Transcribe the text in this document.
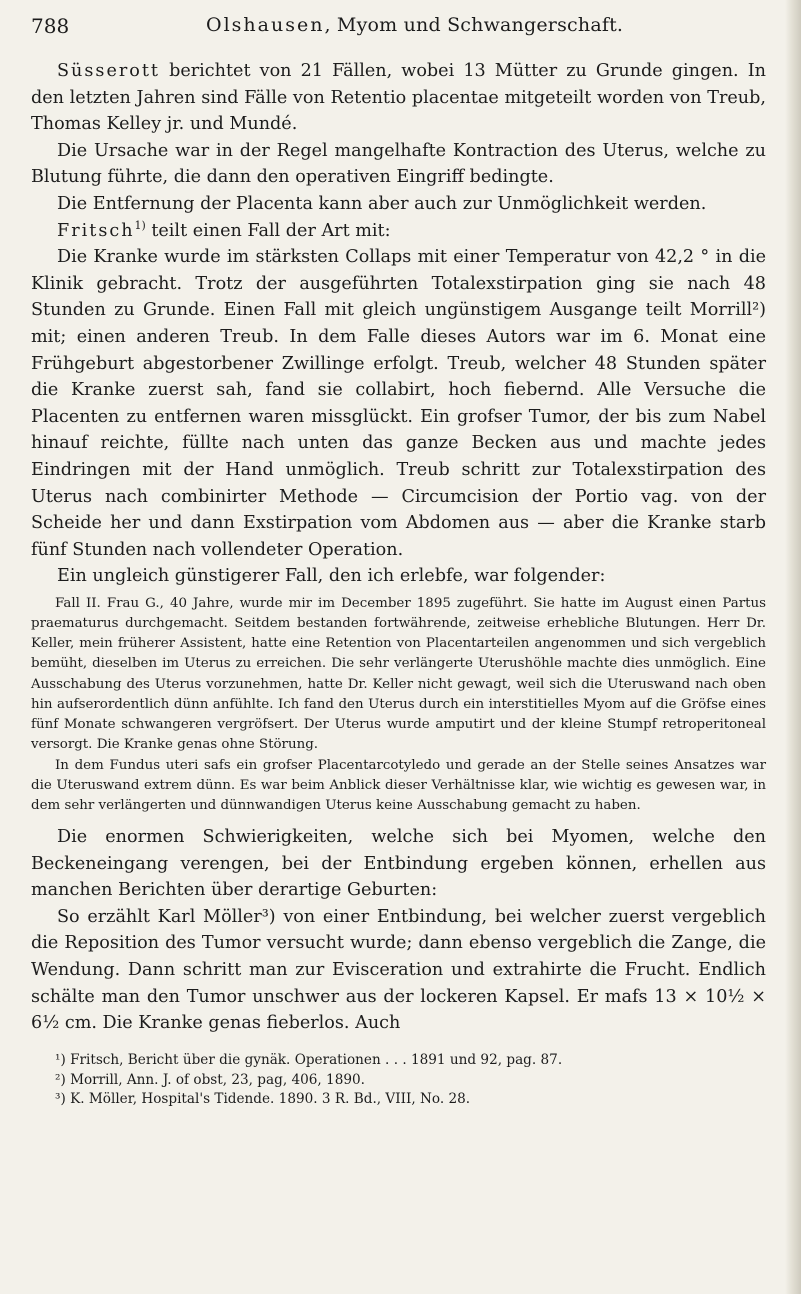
788	Olshausen, Myom und Schwangerschaft.

Süsserott berichtet von 21 Fällen, wobei 13 Mütter zu Grunde gingen. In den letzten Jahren sind Fälle von Retentio placentae mitgeteilt worden von Treub, Thomas Kelley jr. und Mundé.

Die Ursache war in der Regel mangelhafte Kontraction des Uterus, welche zu Blutung führte, die dann den operativen Eingriff bedingte.

Die Entfernung der Placenta kann aber auch zur Unmöglichkeit werden.

Fritsch$^{1)}$ teilt einen Fall der Art mit:

Die Kranke wurde im stärksten Collaps mit einer Temperatur von 42,2 ° in die Klinik gebracht. Trotz der ausgeführten Totalexstirpation ging sie nach 48 Stunden zu Grunde. Einen Fall mit gleich ungünstigem Ausgange teilt Morrill²) mit; einen anderen Treub. In dem Falle dieses Autors war im 6. Monat eine Frühgeburt abgestorbener Zwillinge erfolgt. Treub, welcher 48 Stunden später die Kranke zuerst sah, fand sie collabirt, hoch fiebernd. Alle Versuche die Placenten zu entfernen waren missglückt. Ein grofser Tumor, der bis zum Nabel hinauf reichte, füllte nach unten das ganze Becken aus und machte jedes Eindringen mit der Hand unmöglich. Treub schritt zur Totalexstirpation des Uterus nach combinirter Methode — Circumcision der Portio vag. von der Scheide her und dann Exstirpation vom Abdomen aus — aber die Kranke starb fünf Stunden nach vollendeter Operation.

Ein ungleich günstigerer Fall, den ich erlebfe, war folgender:

Fall II. Frau G., 40 Jahre, wurde mir im December 1895 zugeführt. Sie hatte im August einen Partus praematurus durchgemacht. Seitdem bestanden fortwährende, zeitweise erhebliche Blutungen. Herr Dr. Keller, mein früherer Assistent, hatte eine Retention von Placentarteilen angenommen und sich vergeblich bemüht, dieselben im Uterus zu erreichen. Die sehr verlängerte Uterushöhle machte dies unmöglich. Eine Ausschabung des Uterus vorzunehmen, hatte Dr. Keller nicht gewagt, weil sich die Uteruswand nach oben hin aufserordentlich dünn anfühlte. Ich fand den Uterus durch ein interstitielles Myom auf die Gröfse eines fünf Monate schwangeren vergröfsert. Der Uterus wurde amputirt und der kleine Stumpf retroperitoneal versorgt. Die Kranke genas ohne Störung.

In dem Fundus uteri safs ein grofser Placentarcotyledo und gerade an der Stelle seines Ansatzes war die Uteruswand extrem dünn. Es war beim Anblick dieser Verhältnisse klar, wie wichtig es gewesen war, in dem sehr verlängerten und dünnwandigen Uterus keine Ausschabung gemacht zu haben.

Die enormen Schwierigkeiten, welche sich bei Myomen, welche den Beckeneingang verengen, bei der Entbindung ergeben können, erhellen aus manchen Berichten über derartige Geburten:

So erzählt Karl Möller³) von einer Entbindung, bei welcher zuerst vergeblich die Reposition des Tumor versucht wurde; dann ebenso vergeblich die Zange, die Wendung. Dann schritt man zur Evisceration und extrahirte die Frucht. Endlich schälte man den Tumor unschwer aus der lockeren Kapsel. Er mafs 13 × 10½ × 6½ cm. Die Kranke genas fieberlos. Auch

¹) Fritsch, Bericht über die gynäk. Operationen . . . 1891 und 92, pag. 87.

²) Morrill, Ann. J. of obst, 23, pag, 406, 1890.

³) K. Möller, Hospital's Tidende. 1890. 3 R. Bd., VIII, No. 28.
